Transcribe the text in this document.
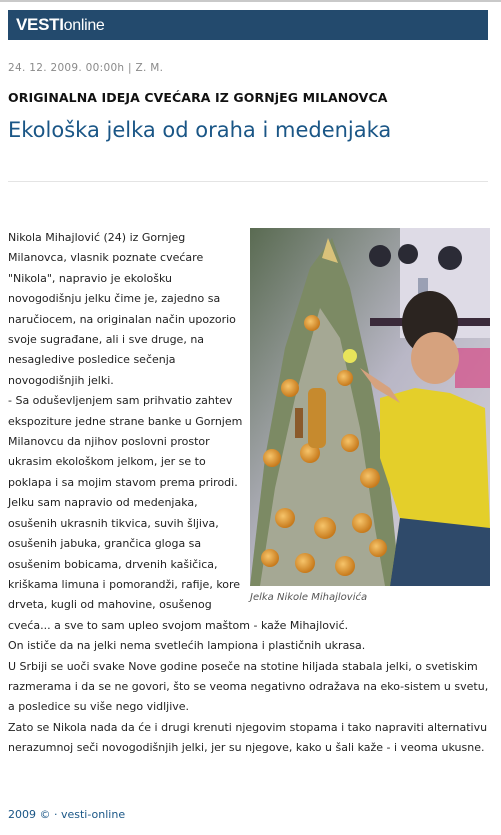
VESTIonline
24. 12. 2009. 00:00h | Z. M.
ORIGINALNA IDEJA CVEĆARA IZ GORNjEG MILANOVCA
Ekološka jelka od oraha i medenjaka
Jelka Nikole Mihajlovića

Nikola Mihajlović (24) iz Gornjeg Milanovca, vlasnik poznate cvećare "Nikola", napravio je ekološku novogodišnju jelku čime je, zajedno sa naručiocem, na originalan način upozorio svoje sugrađane, ali i sve druge, na nesagledive posledice sečenja novogodišnjih jelki.

- Sa oduševljenjem sam prihvatio zahtev ekspoziture jedne strane banke u Gornjem Milanovcu da njihov poslovni prostor ukrasim ekološkom jelkom, jer se to poklapa i sa mojim stavom prema prirodi. Jelku sam napravio od medenjaka, osušenih ukrasnih tikvica, suvih šljiva, osušenih jabuka, grančica gloga sa osušenim bobicama, drvenih kašičica, kriškama limuna i pomorandži, rafije, kore drveta, kugli od mahovine, osušenog cveća... a sve to sam upleo svojom maštom - kaže Mihajlović.

On ističe da na jelki nema svetlećih lampiona i plastičnih ukrasa.

U Srbiji se uoči svake Nove godine poseče na stotine hiljada stabala jelki, o svetiskim razmerama i da se ne govori, što se veoma negativno odražava na eko-sistem u svetu, a posledice su više nego vidljive.

Zato se Nikola nada da će i drugi krenuti njegovim stopama i tako napraviti alternativu nerazumnoj seči novogodišnjih jelki, jer su njegove, kako u šali kaže - i veoma ukusne.

2009 © · vesti-online
